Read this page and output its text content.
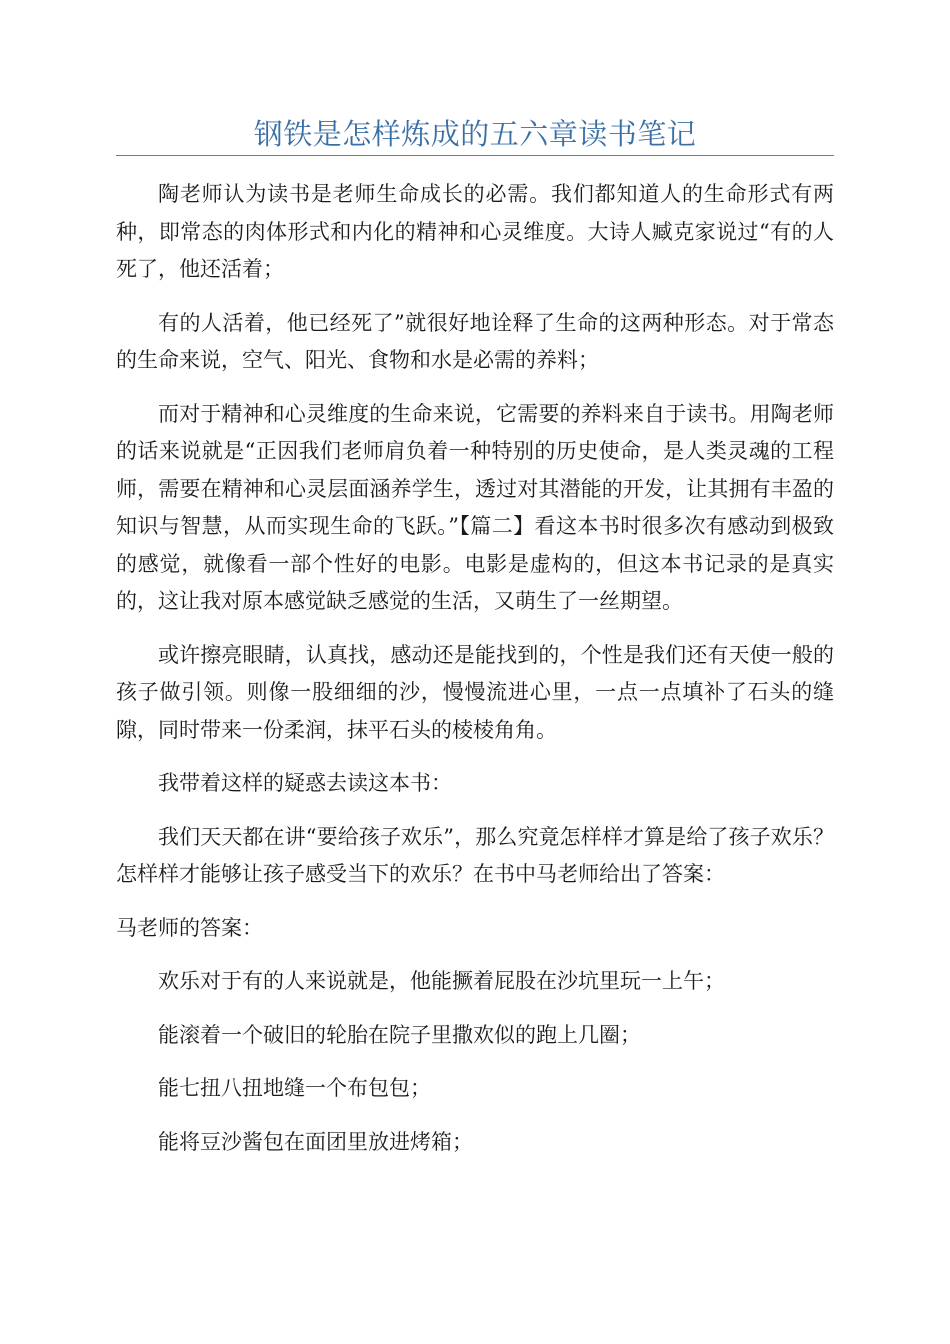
钢铁是怎样炼成的五六章读书笔记

陶老师认为读书是老师生命成长的必需。我们都知道人的生命形式有两种，即常态的肉体形式和内化的精神和心灵维度。大诗人臧克家说过“有的人死了，他还活着；

有的人活着，他已经死了”就很好地诠释了生命的这两种形态。对于常态的生命来说，空气、阳光、食物和水是必需的养料；

而对于精神和心灵维度的生命来说，它需要的养料来自于读书。用陶老师的话来说就是“正因我们老师肩负着一种特别的历史使命，是人类灵魂的工程师，需要在精神和心灵层面涵养学生，透过对其潜能的开发，让其拥有丰盈的知识与智慧，从而实现生命的飞跃。”【篇二】看这本书时很多次有感动到极致的感觉，就像看一部个性好的电影。电影是虚构的，但这本书记录的是真实的，这让我对原本感觉缺乏感觉的生活，又萌生了一丝期望。

或许擦亮眼睛，认真找，感动还是能找到的，个性是我们还有天使一般的孩子做引领。则像一股细细的沙，慢慢流进心里，一点一点填补了石头的缝隙，同时带来一份柔润，抹平石头的棱棱角角。

我带着这样的疑惑去读这本书：

我们天天都在讲“要给孩子欢乐”，那么究竟怎样样才算是给了孩子欢乐？怎样样才能够让孩子感受当下的欢乐？在书中马老师给出了答案：

马老师的答案：

欢乐对于有的人来说就是，他能撅着屁股在沙坑里玩一上午；

能滚着一个破旧的轮胎在院子里撒欢似的跑上几圈；

能七扭八扭地缝一个布包包；

能将豆沙酱包在面团里放进烤箱；
